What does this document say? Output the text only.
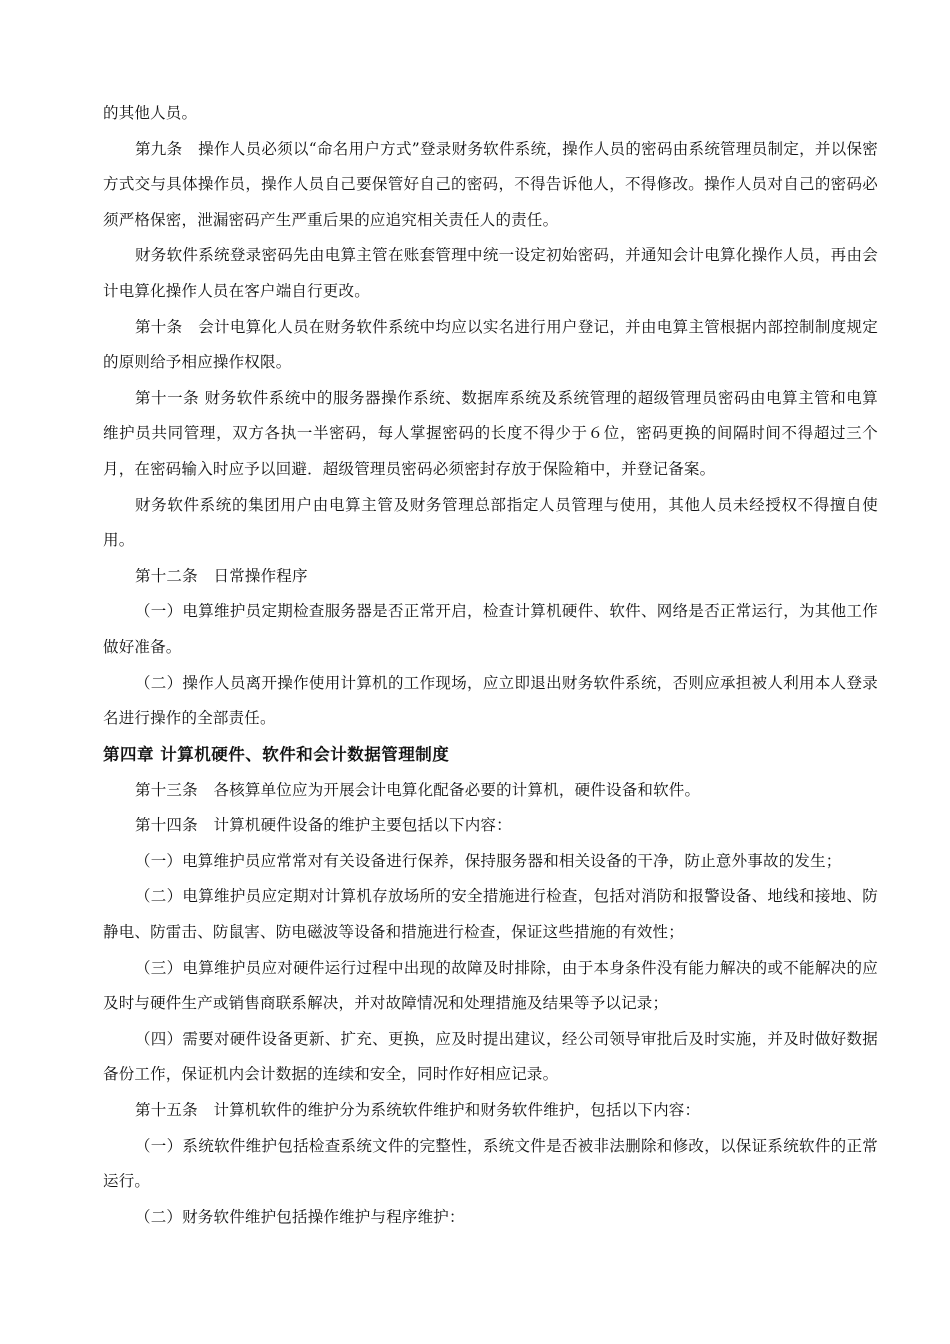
的其他人员。

第九条　操作人员必须以“命名用户方式”登录财务软件系统，操作人员的密码由系统管理员制定，并以保密方式交与具体操作员，操作人员自己要保管好自己的密码，不得告诉他人，不得修改。操作人员对自己的密码必须严格保密，泄漏密码产生严重后果的应追究相关责任人的责任。

财务软件系统登录密码先由电算主管在账套管理中统一设定初始密码，并通知会计电算化操作人员，再由会计电算化操作人员在客户端自行更改。

第十条　会计电算化人员在财务软件系统中均应以实名进行用户登记，并由电算主管根据内部控制制度规定的原则给予相应操作权限。

第十一条 财务软件系统中的服务器操作系统、数据库系统及系统管理的超级管理员密码由电算主管和电算维护员共同管理，双方各执一半密码，每人掌握密码的长度不得少于６位，密码更换的间隔时间不得超过三个月，在密码输入时应予以回避．超级管理员密码必须密封存放于保险箱中，并登记备案。

财务软件系统的集团用户由电算主管及财务管理总部指定人员管理与使用，其他人员未经授权不得擅自使用。

第十二条　日常操作程序

（一）电算维护员定期检查服务器是否正常开启，检查计算机硬件、软件、网络是否正常运行，为其他工作做好准备。

（二）操作人员离开操作使用计算机的工作现场，应立即退出财务软件系统，否则应承担被人利用本人登录名进行操作的全部责任。

第四章 计算机硬件、软件和会计数据管理制度

第十三条　各核算单位应为开展会计电算化配备必要的计算机，硬件设备和软件。

第十四条　计算机硬件设备的维护主要包括以下内容：

（一）电算维护员应常常对有关设备进行保养，保持服务器和相关设备的干净，防止意外事故的发生；

（二）电算维护员应定期对计算机存放场所的安全措施进行检查，包括对消防和报警设备、地线和接地、防静电、防雷击、防鼠害、防电磁波等设备和措施进行检查，保证这些措施的有效性；

（三）电算维护员应对硬件运行过程中出现的故障及时排除，由于本身条件没有能力解决的或不能解决的应及时与硬件生产或销售商联系解决，并对故障情况和处理措施及结果等予以记录；

（四）需要对硬件设备更新、扩充、更换，应及时提出建议，经公司领导审批后及时实施，并及时做好数据备份工作，保证机内会计数据的连续和安全，同时作好相应记录。

第十五条　计算机软件的维护分为系统软件维护和财务软件维护，包括以下内容：

（一）系统软件维护包括检查系统文件的完整性，系统文件是否被非法删除和修改，以保证系统软件的正常运行。

（二）财务软件维护包括操作维护与程序维护：
